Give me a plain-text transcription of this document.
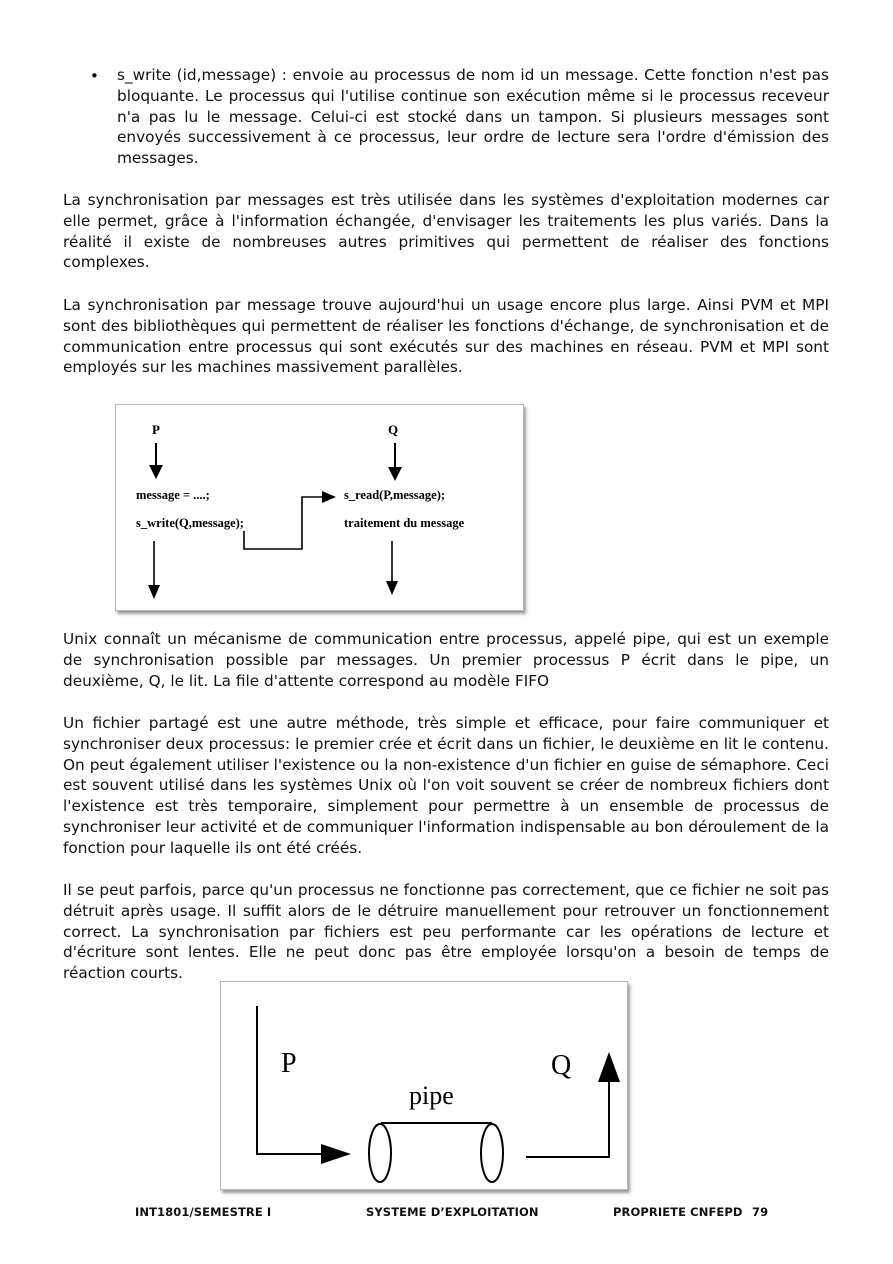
• s_write (id,message) : envoie au processus de nom id un message. Cette fonction n'est pas bloquante. Le processus qui l'utilise continue son exécution même si le processus receveur n'a pas lu le message. Celui-ci est stocké dans un tampon. Si plusieurs messages sont envoyés successivement à ce processus, leur ordre de lecture sera l'ordre d'émission des messages.

La synchronisation par messages est très utilisée dans les systèmes d'exploitation modernes car elle permet, grâce à l'information échangée, d'envisager les traitements les plus variés. Dans la réalité il existe de nombreuses autres primitives qui permettent de réaliser des fonctions complexes.

La synchronisation par message trouve aujourd'hui un usage encore plus large. Ainsi PVM et MPI sont des bibliothèques qui permettent de réaliser les fonctions d'échange, de synchronisation et de communication entre processus qui sont exécutés sur des machines en réseau. PVM et MPI sont employés sur les machines massivement parallèles.

P	Q
message = ....;
s_write(Q,message);
s_read(P,message);
traitement du message

Unix connaît un mécanisme de communication entre processus, appelé pipe, qui est un exemple de synchronisation possible par messages. Un premier processus P écrit dans le pipe, un deuxième, Q, le lit. La file d'attente correspond au modèle FIFO

Un fichier partagé est une autre méthode, très simple et efficace, pour faire communiquer et synchroniser deux processus: le premier crée et écrit dans un fichier, le deuxième en lit le contenu. On peut également utiliser l'existence ou la non-existence d'un fichier en guise de sémaphore. Ceci est souvent utilisé dans les systèmes Unix où l'on voit souvent se créer de nombreux fichiers dont l'existence est très temporaire, simplement pour permettre à un ensemble de processus de synchroniser leur activité et de communiquer l'information indispensable au bon déroulement de la fonction pour laquelle ils ont été créés.

Il se peut parfois, parce qu'un processus ne fonctionne pas correctement, que ce fichier ne soit pas détruit après usage. Il suffit alors de le détruire manuellement pour retrouver un fonctionnement correct. La synchronisation par fichiers est peu performante car les opérations de lecture et d'écriture sont lentes. Elle ne peut donc pas être employée lorsqu'on a besoin de temps de réaction courts.

P
pipe
Q
INT1801/SEMESTRE I	SYSTEME D’EXPLOITATION	PROPRIETE CNFEPD 79
